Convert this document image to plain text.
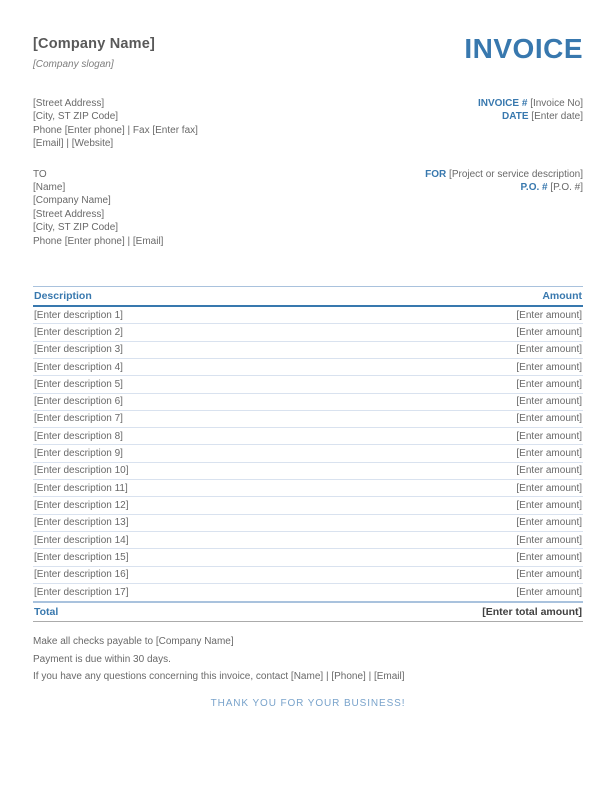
[Company Name]
[Company slogan]
INVOICE
[Street Address]
[City, ST ZIP Code]
Phone [Enter phone] | Fax [Enter fax]
[Email] | [Website]
INVOICE # [Invoice No]
DATE [Enter date]
TO
[Name]
[Company Name]
[Street Address]
[City, ST ZIP Code]
Phone [Enter phone] | [Email]
FOR [Project or service description]
P.O. # [P.O. #]
Description	Amount
[Enter description 1]	[Enter amount]
[Enter description 2]	[Enter amount]
[Enter description 3]	[Enter amount]
[Enter description 4]	[Enter amount]
[Enter description 5]	[Enter amount]
[Enter description 6]	[Enter amount]
[Enter description 7]	[Enter amount]
[Enter description 8]	[Enter amount]
[Enter description 9]	[Enter amount]
[Enter description 10]	[Enter amount]
[Enter description 11]	[Enter amount]
[Enter description 12]	[Enter amount]
[Enter description 13]	[Enter amount]
[Enter description 14]	[Enter amount]
[Enter description 15]	[Enter amount]
[Enter description 16]	[Enter amount]
[Enter description 17]	[Enter amount]
Total	[Enter total amount]
Make all checks payable to [Company Name]
Payment is due within 30 days.
If you have any questions concerning this invoice, contact [Name] | [Phone] | [Email]
THANK YOU FOR YOUR BUSINESS!
